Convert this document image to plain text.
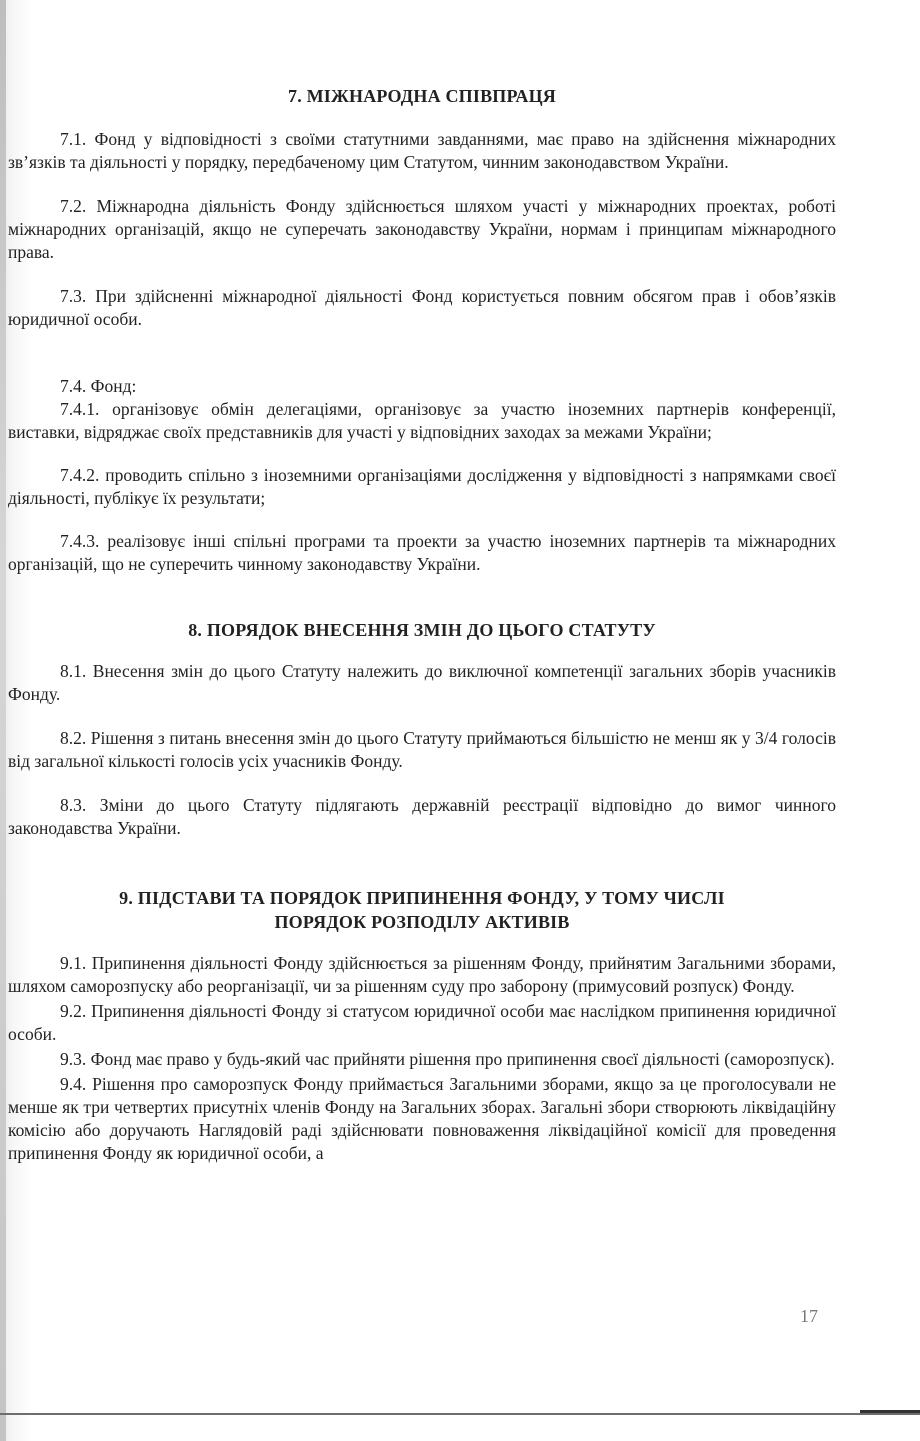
7. МІЖНАРОДНА СПІВПРАЦЯ

7.1. Фонд у відповідності з своїми статутними завданнями, має право на здійснення міжнародних зв’язків та діяльності у порядку, передбаченому цим Статутом, чинним законодавством України.

7.2. Міжнародна діяльність Фонду здійснюється шляхом участі у міжнародних проектах, роботі міжнародних організацій, якщо не суперечать законодавству України, нормам і принципам міжнародного права.

7.3. При здійсненні міжнародної діяльності Фонд користується повним обсягом прав і обов’язків юридичної особи.

7.4. Фонд:

7.4.1. організовує обмін делегаціями, організовує за участю іноземних партнерів конференції, виставки, відряджає своїх представників для участі у відповідних заходах за межами України;

7.4.2. проводить спільно з іноземними організаціями дослідження у відповідності з напрямками своєї діяльності, публікує їх результати;

7.4.3. реалізовує інші спільні програми та проекти за участю іноземних партнерів та міжнародних організацій, що не суперечить чинному законодавству України.

8. ПОРЯДОК ВНЕСЕННЯ ЗМІН ДО ЦЬОГО СТАТУТУ

8.1. Внесення змін до цього Статуту належить до виключної компетенції загальних зборів учасників Фонду.

8.2. Рішення з питань внесення змін до цього Статуту приймаються більшістю не менш як у 3/4 голосів від загальної кількості голосів усіх учасників Фонду.

8.3. Зміни до цього Статуту підлягають державній реєстрації відповідно до вимог чинного законодавства України.

9. ПІДСТАВИ ТА ПОРЯДОК ПРИПИНЕННЯ ФОНДУ, У ТОМУ ЧИСЛІ
ПОРЯДОК РОЗПОДІЛУ АКТИВІВ

9.1. Припинення діяльності Фонду здійснюється за рішенням Фонду, прийнятим Загальними зборами, шляхом саморозпуску або реорганізації, чи за рішенням суду про заборону (примусовий розпуск) Фонду.

9.2. Припинення діяльності Фонду зі статусом юридичної особи має наслідком припинення юридичної особи.

9.3. Фонд має право у будь-який час прийняти рішення про припинення своєї діяльності (саморозпуск).

9.4. Рішення про саморозпуск Фонду приймається Загальними зборами, якщо за це проголосували не менше як три четвертих присутніх членів Фонду на Загальних зборах. Загальні збори створюють ліквідаційну комісію або доручають Наглядовій раді здійснювати повноваження ліквідаційної комісії для проведення припинення Фонду як юридичної особи, а

17
